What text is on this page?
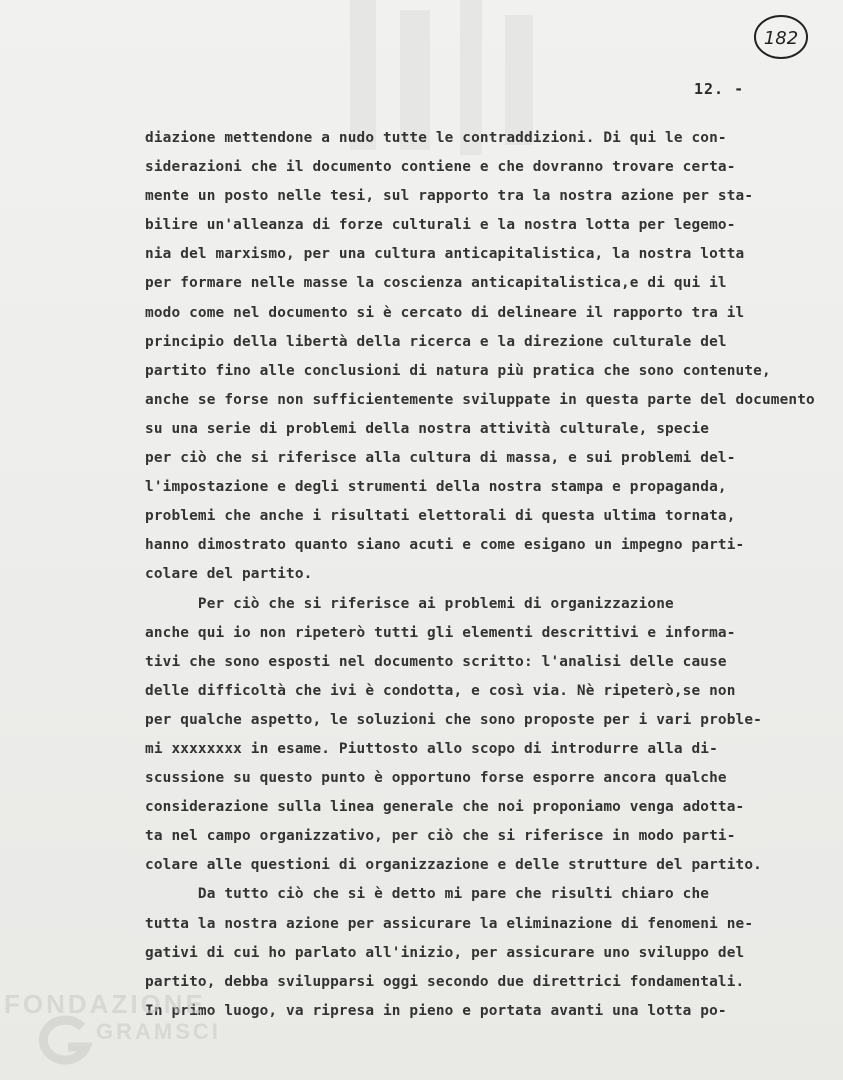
182
12. -
diazione mettendone a nudo tutte le contraddizioni. Di qui le con-
siderazioni che il documento contiene e che dovranno trovare certa-
mente un posto nelle tesi, sul rapporto tra la nostra azione per sta-
bilire un'alleanza di forze culturali e la nostra lotta per legemo-
nia del marxismo, per una cultura anticapitalistica, la nostra lotta
per formare nelle masse la coscienza anticapitalistica,e di qui il
modo come nel documento si è cercato di delineare il rapporto tra il
principio della libertà della ricerca e la direzione culturale del
partito fino alle conclusioni di natura più pratica che sono contenute,
anche se forse non sufficientemente sviluppate in questa parte del documento
su una serie di problemi della nostra attività culturale, specie
per ciò che si riferisce alla cultura di massa, e sui problemi del-
l'impostazione e degli strumenti della nostra stampa e propaganda,
problemi che anche i risultati elettorali di questa ultima tornata,
hanno dimostrato quanto siano acuti e come esigano un impegno parti-
colare del partito.
Per ciò che si riferisce ai problemi di organizzazione
anche qui io non ripeterò tutti gli elementi descrittivi e informa-
tivi che sono esposti nel documento scritto: l'analisi delle cause
delle difficoltà che ivi è condotta, e così via. Nè ripeterò,se non
per qualche aspetto, le soluzioni che sono proposte per i vari proble-
mi xxxxxxxx in esame. Piuttosto allo scopo di introdurre alla di-
scussione su questo punto è opportuno forse esporre ancora qualche
considerazione sulla linea generale che noi proponiamo venga adotta-
ta nel campo organizzativo, per ciò che si riferisce in modo parti-
colare alle questioni di organizzazione e delle strutture del partito.
Da tutto ciò che si è detto mi pare che risulti chiaro che
tutta la nostra azione per assicurare la eliminazione di fenomeni ne-
gativi di cui ho parlato all'inizio, per assicurare uno sviluppo del
partito, debba svilupparsi oggi secondo due direttrici fondamentali.
In primo luogo, va ripresa in pieno e portata avanti una lotta po-
FONDAZIONE
GRAMSCI
